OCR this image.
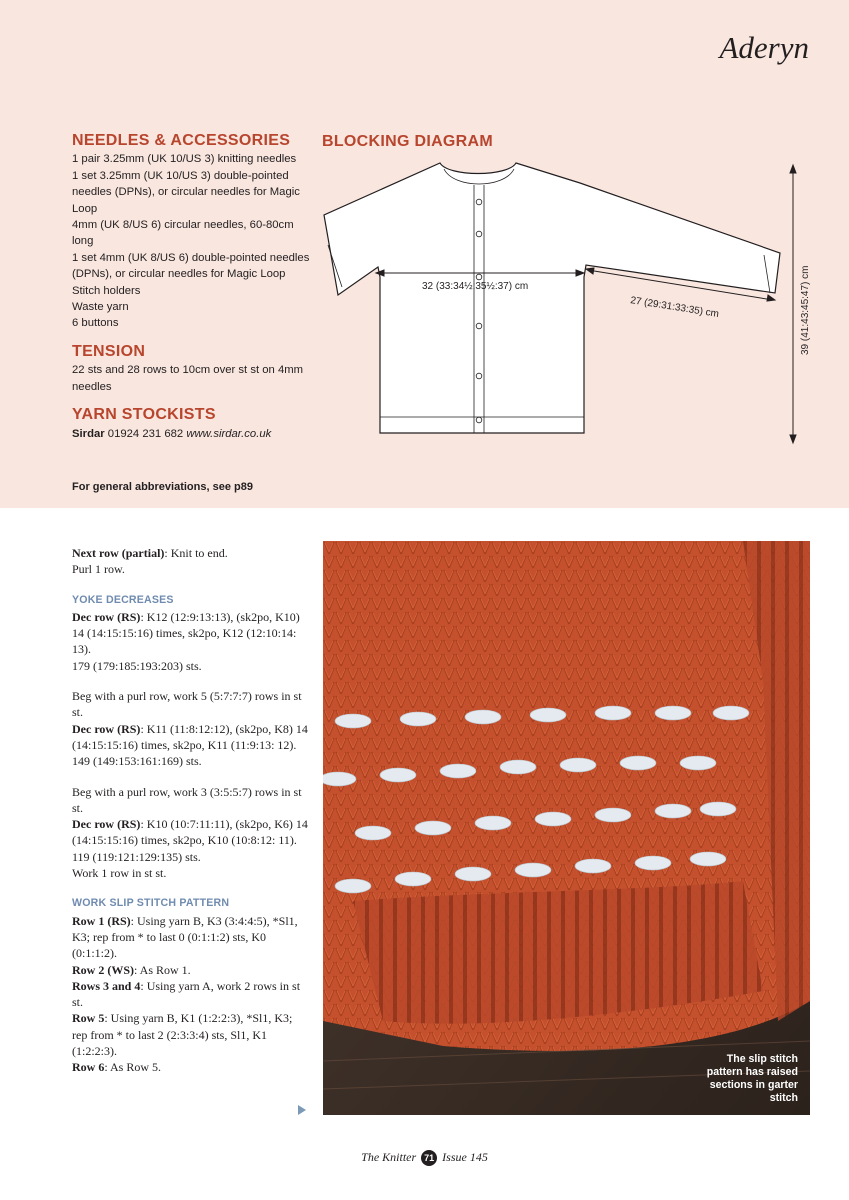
Aderyn
NEEDLES & ACCESSORIES

1 pair 3.25mm (UK 10/US 3) knitting needles

1 set 3.25mm (UK 10/US 3) double-pointed needles (DPNs), or circular needles for Magic Loop

4mm (UK 8/US 6) circular needles, 60-80cm long

1 set 4mm (UK 8/US 6) double-pointed needles (DPNs), or circular needles for Magic Loop

Stitch holders

Waste yarn

6 buttons

TENSION

22 sts and 28 rows to 10cm over st st on 4mm needles

YARN STOCKISTS

Sirdar 01924 231 682 www.sirdar.co.uk

For general abbreviations, see p89
BLOCKING DIAGRAM
32 (33:34½:35½:37) cm
27 (29:31:33:35) cm	39 (41:43:45:47) cm

Next row (partial): Knit to end.
Purl 1 row.

YOKE DECREASES

Dec row (RS): K12 (12:9:13:13), (sk2po, K10) 14 (14:15:15:16) times, sk2po, K12 (12:10:14: 13).
179 (179:185:193:203) sts.

Beg with a purl row, work 5 (5:7:7:7) rows in st st.
Dec row (RS): K11 (11:8:12:12), (sk2po, K8) 14 (14:15:15:16) times, sk2po, K11 (11:9:13: 12).
149 (149:153:161:169) sts.

Beg with a purl row, work 3 (3:5:5:7) rows in st st.
Dec row (RS): K10 (10:7:11:11), (sk2po, K6) 14 (14:15:15:16) times, sk2po, K10 (10:8:12: 11).
119 (119:121:129:135) sts.
Work 1 row in st st.

WORK SLIP STITCH PATTERN

Row 1 (RS): Using yarn B, K3 (3:4:4:5), *Sl1, K3; rep from * to last 0 (0:1:1:2) sts, K0 (0:1:1:2).
Row 2 (WS): As Row 1.
Rows 3 and 4: Using yarn A, work 2 rows in st st.
Row 5: Using yarn B, K1 (1:2:2:3), *Sl1, K3; rep from * to last 2 (2:3:3:4) sts, Sl1, K1 (1:2:2:3).
Row 6: As Row 5.

The slip stitch pattern has raised sections in garter stitch
The Knitter 71 Issue 145
